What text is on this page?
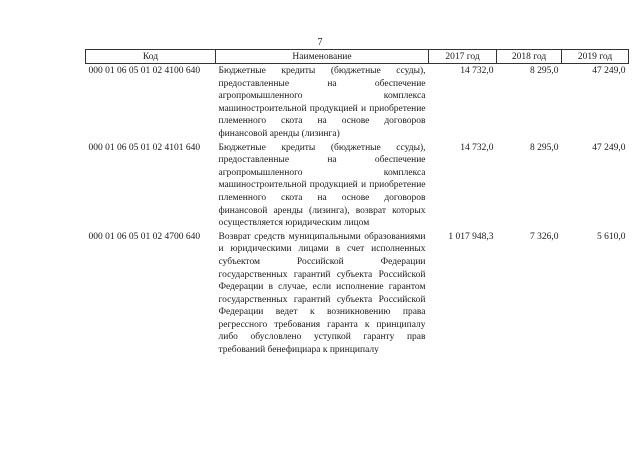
7
Код	Наименование	2017 год	2018 год	2019 год
000 01 06 05 01 02 4100 640	Бюджетные кредиты (бюджетные ссуды), предоставленные на обеспечение агропромышленного комплекса машиностроительной продукцией и приобретение племенного скота на основе договоров финансовой аренды (лизинга)	14 732,0	8 295,0	47 249,0
000 01 06 05 01 02 4101 640	Бюджетные кредиты (бюджетные ссуды), предоставленные на обеспечение агропромышленного комплекса машиностроительной продукцией и приобретение племенного скота на основе договоров финансовой аренды (лизинга), возврат которых осуществляется юридическим лицом	14 732,0	8 295,0	47 249,0
000 01 06 05 01 02 4700 640	Возврат средств муниципальными образованиями и юридическими лицами в счет исполненных субъектом Российской Федерации государственных гарантий субъекта Российской Федерации в случае, если исполнение гарантом государственных гарантий субъекта Российской Федерации ведет к возникновению права регрессного требования гаранта к принципалу либо обусловлено уступкой гаранту прав требований бенефициара к принципалу	1 017 948,3	7 326,0	5 610,0
